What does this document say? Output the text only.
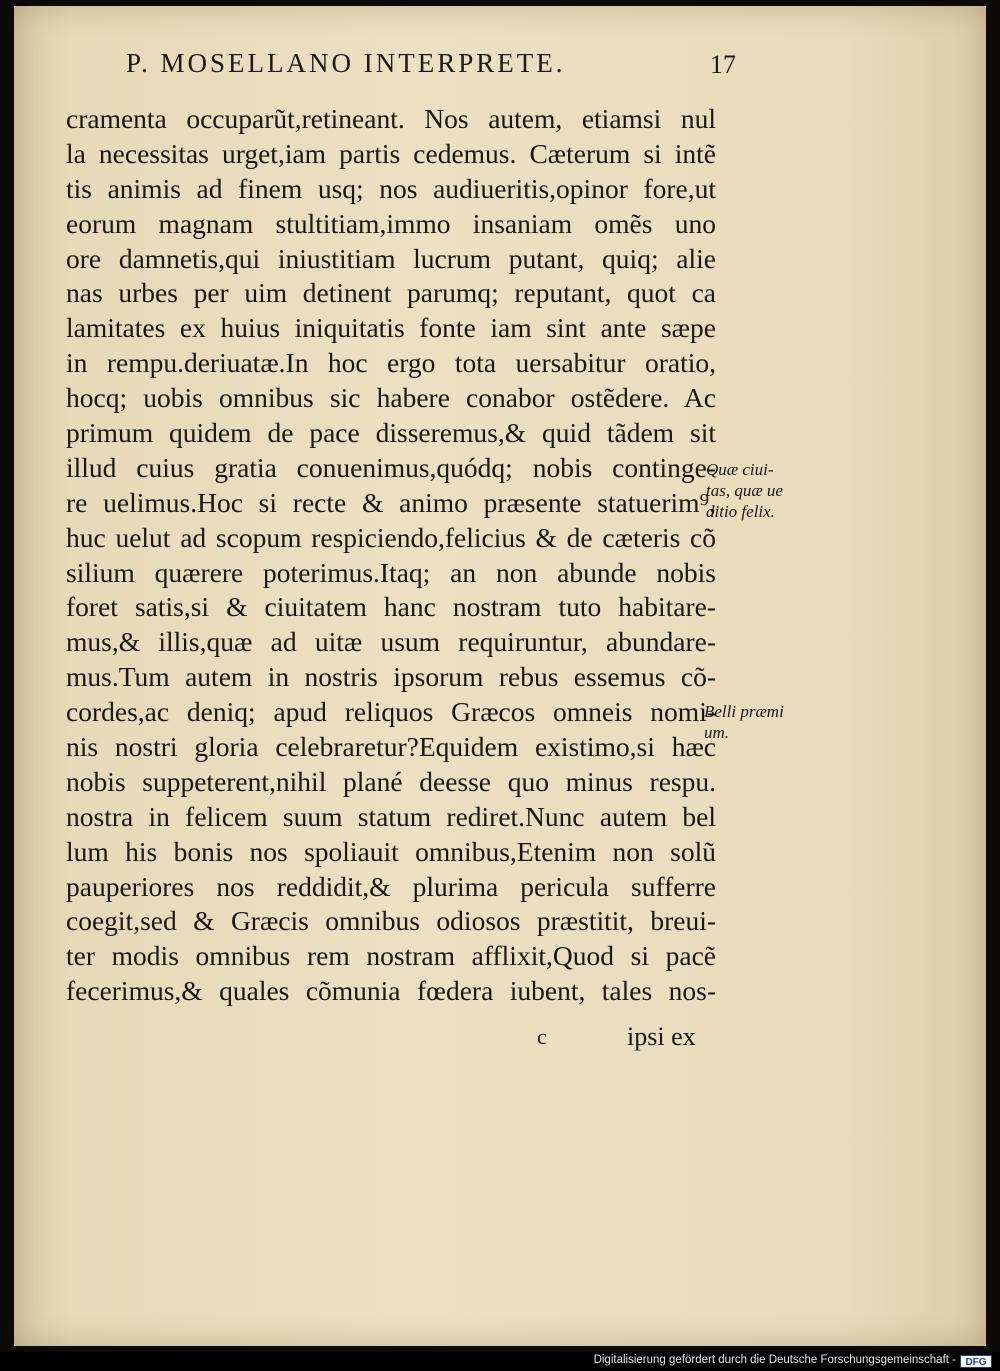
P. MOSELLANO INTERPRETE.	17
cramenta occuparũt,retineant. Nos autem, etiamsi nul
la necessitas urget,iam partis cedemus. Cæterum si intẽ
tis animis ad finem usq; nos audiueritis,opinor fore,ut
eorum magnam stultitiam,immo insaniam omẽs uno
ore damnetis,qui iniustitiam lucrum putant, quiq; alie
nas urbes per uim detinent parumq; reputant, quot ca
lamitates ex huius iniquitatis fonte iam sint ante sæpe
in rempu.deriuatæ.In hoc ergo tota uersabitur oratio,
hocq; uobis omnibus sic habere conabor ostẽdere. Ac
primum quidem de pace disseremus,& quid tãdem sit
illud cuius gratia conuenimus,quódq; nobis continge-
re uelimus.Hoc si recte & animo præsente statuerim⁹,
huc uelut ad scopum respiciendo,felicius & de cæteris cõ
silium quærere poterimus.Itaq; an non abunde nobis
foret satis,si & ciuitatem hanc nostram tuto habitare-
mus,& illis,quæ ad uitæ usum requiruntur, abundare-
mus.Tum autem in nostris ipsorum rebus essemus cõ-
cordes,ac deniq; apud reliquos Græcos omneis nomi-
nis nostri gloria celebraretur?Equidem existimo,si hæc
nobis suppeterent,nihil plané deesse quo minus respu.
nostra in felicem suum statum rediret.Nunc autem bel
lum his bonis nos spoliauit omnibus,Etenim non solũ
pauperiores nos reddidit,& plurima pericula sufferre
coegit,sed & Græcis omnibus odiosos præstitit, breui-
ter modis omnibus rem nostram afflixit,Quod si pacẽ
fecerimus,& quales cõmunia fœdera iubent, tales nos-
Quæ ciui-
tas, quæ ue
ditio felix.
Belli præmi
um.
c	ipsi ex
Digitalisierung gefördert durch die Deutsche Forschungsgemeinschaft - DFG
